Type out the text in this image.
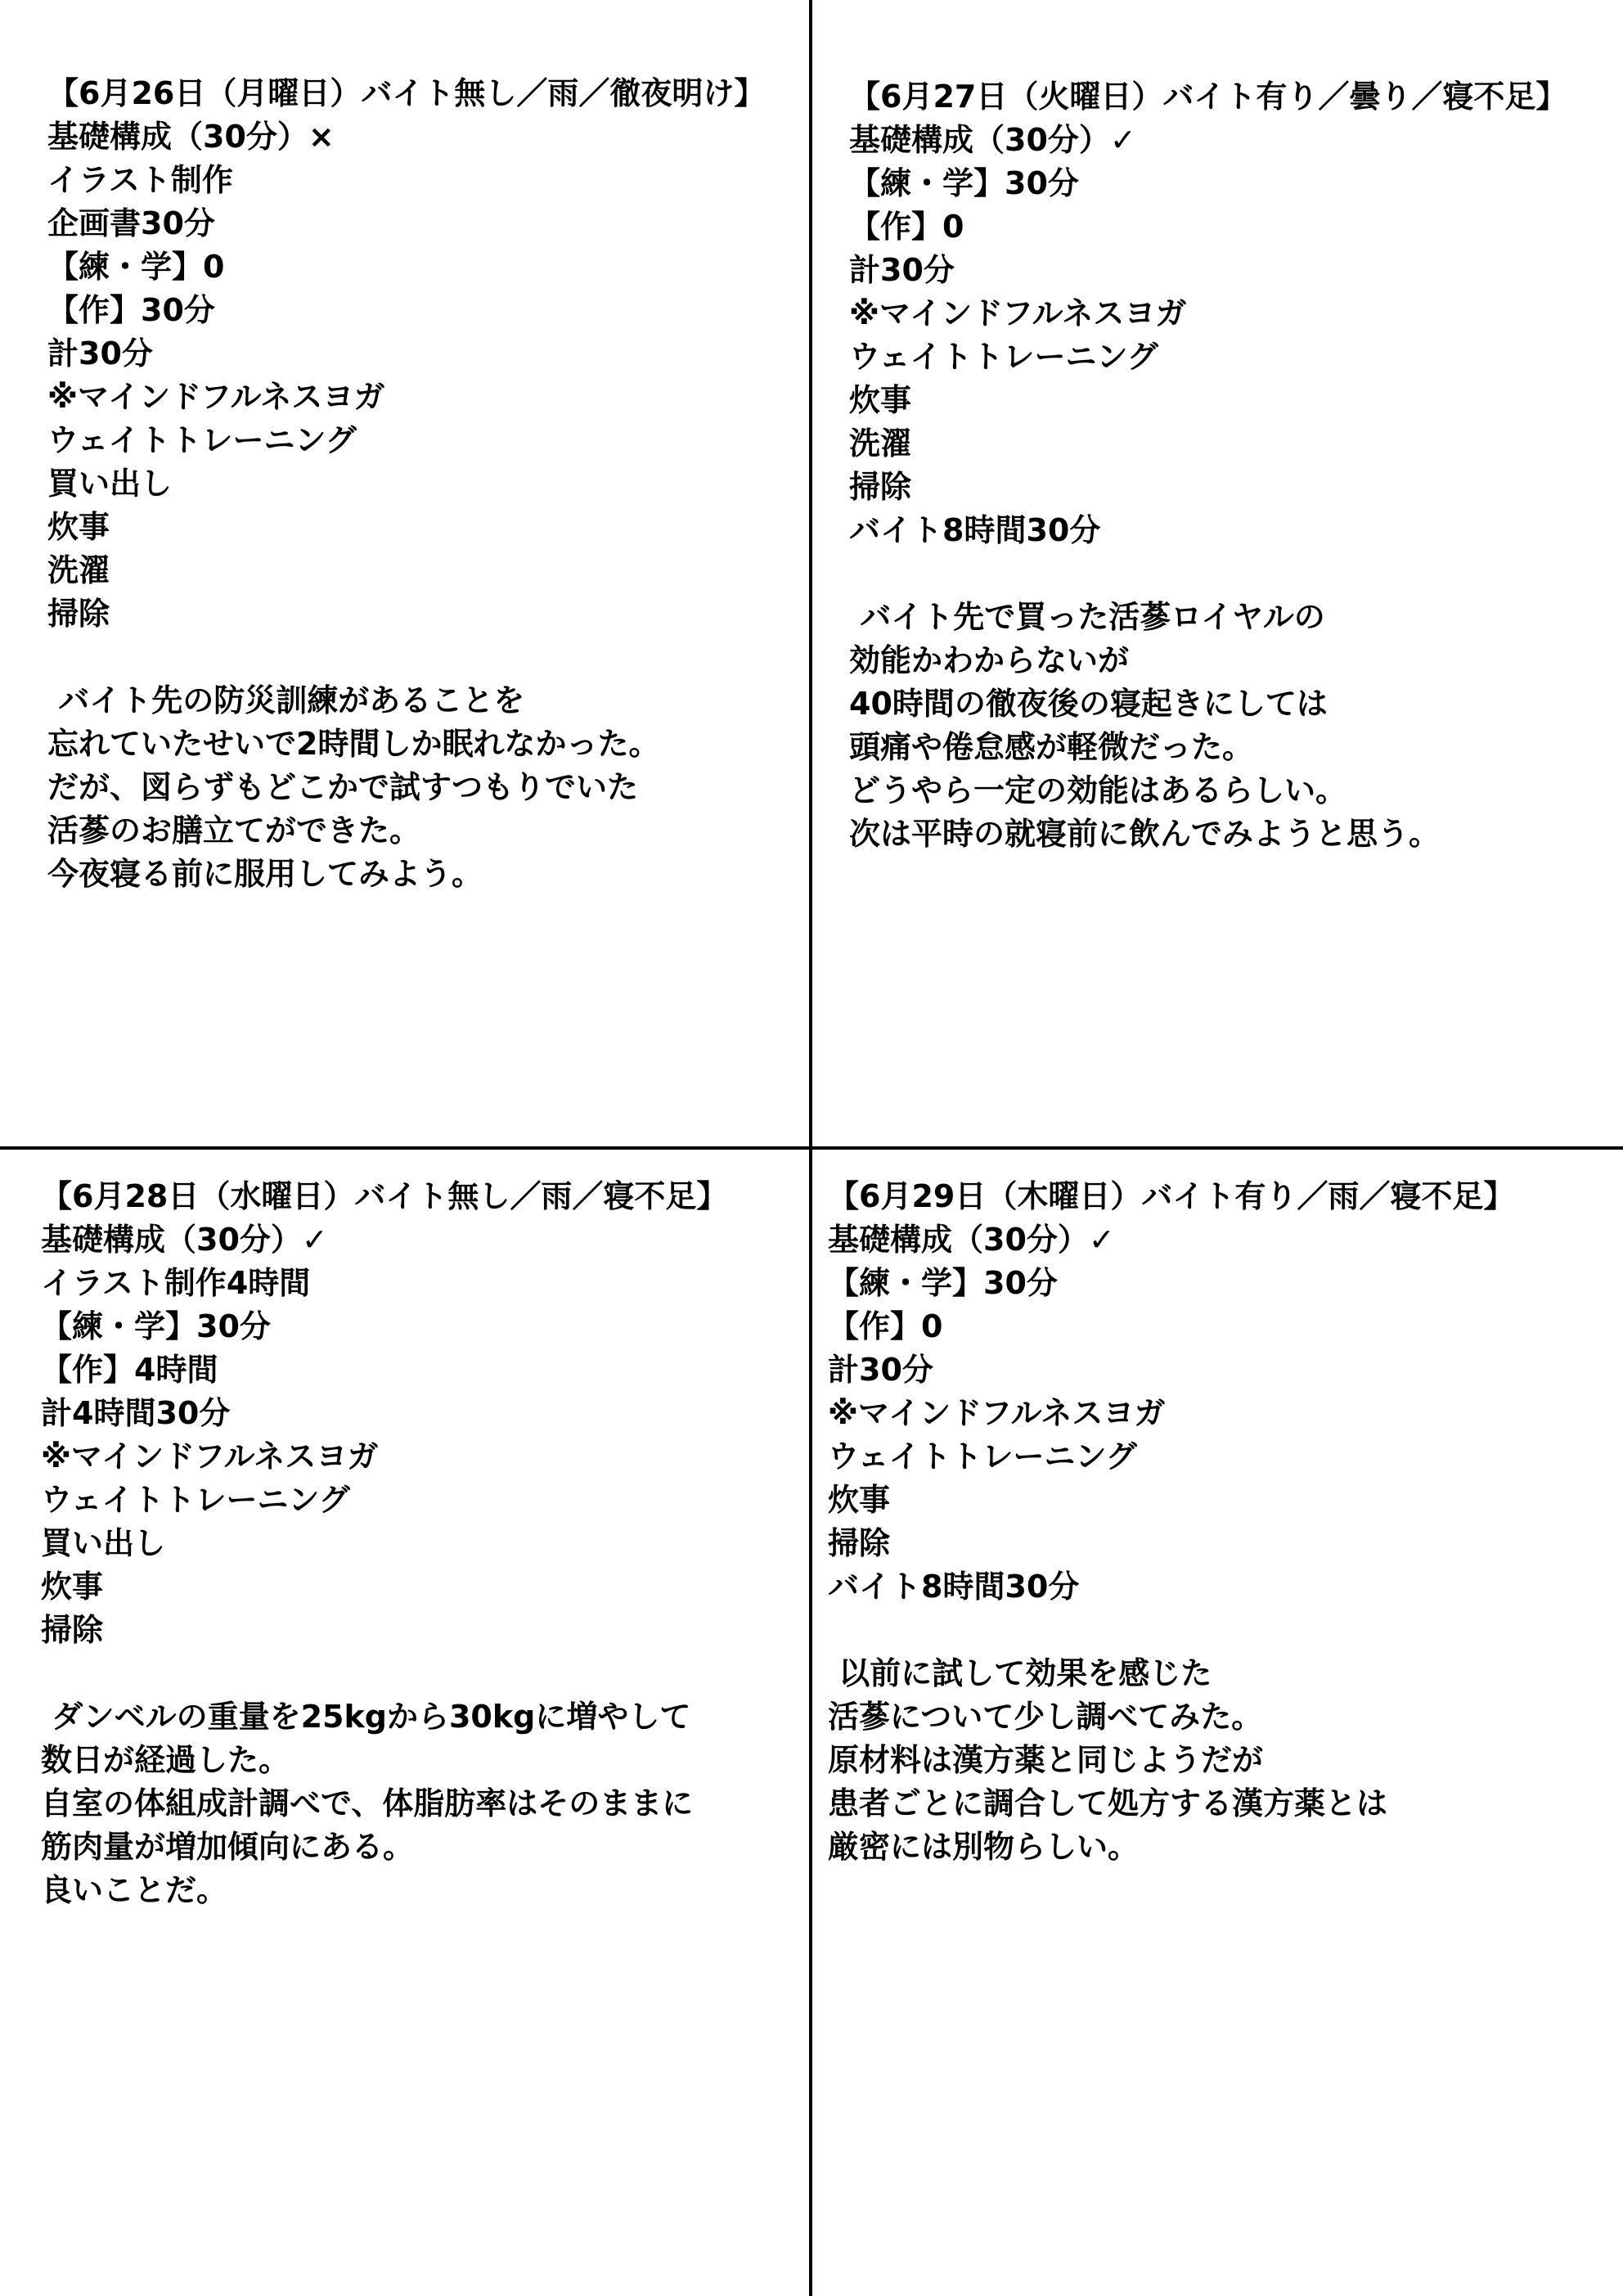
【6月26日（月曜日）バイト無し／雨／徹夜明け】
基礎構成（30分）×
イラスト制作
企画書30分
【練・学】0
【作】30分
計30分
※マインドフルネスヨガ
ウェイトトレーニング
買い出し
炊事
洗濯
掃除
バイト先の防災訓練があることを
忘れていたせいで2時間しか眠れなかった。
だが、図らずもどこかで試すつもりでいた
活蔘のお膳立てができた。
今夜寝る前に服用してみよう。
【6月27日（火曜日）バイト有り／曇り／寝不足】
基礎構成（30分）✓
【練・学】30分
【作】0
計30分
※マインドフルネスヨガ
ウェイトトレーニング
炊事
洗濯
掃除
バイト8時間30分
バイト先で買った活蔘ロイヤルの
効能かわからないが
40時間の徹夜後の寝起きにしては
頭痛や倦怠感が軽微だった。
どうやら一定の効能はあるらしい。
次は平時の就寝前に飲んでみようと思う。
【6月28日（水曜日）バイト無し／雨／寝不足】
基礎構成（30分）✓
イラスト制作4時間
【練・学】30分
【作】4時間
計4時間30分
※マインドフルネスヨガ
ウェイトトレーニング
買い出し
炊事
掃除
ダンベルの重量を25kgから30kgに増やして
数日が経過した。
自室の体組成計調べで、体脂肪率はそのままに
筋肉量が増加傾向にある。
良いことだ。
【6月29日（木曜日）バイト有り／雨／寝不足】
基礎構成（30分）✓
【練・学】30分
【作】0
計30分
※マインドフルネスヨガ
ウェイトトレーニング
炊事
掃除
バイト8時間30分
以前に試して効果を感じた
活蔘について少し調べてみた。
原材料は漢方薬と同じようだが
患者ごとに調合して処方する漢方薬とは
厳密には別物らしい。
